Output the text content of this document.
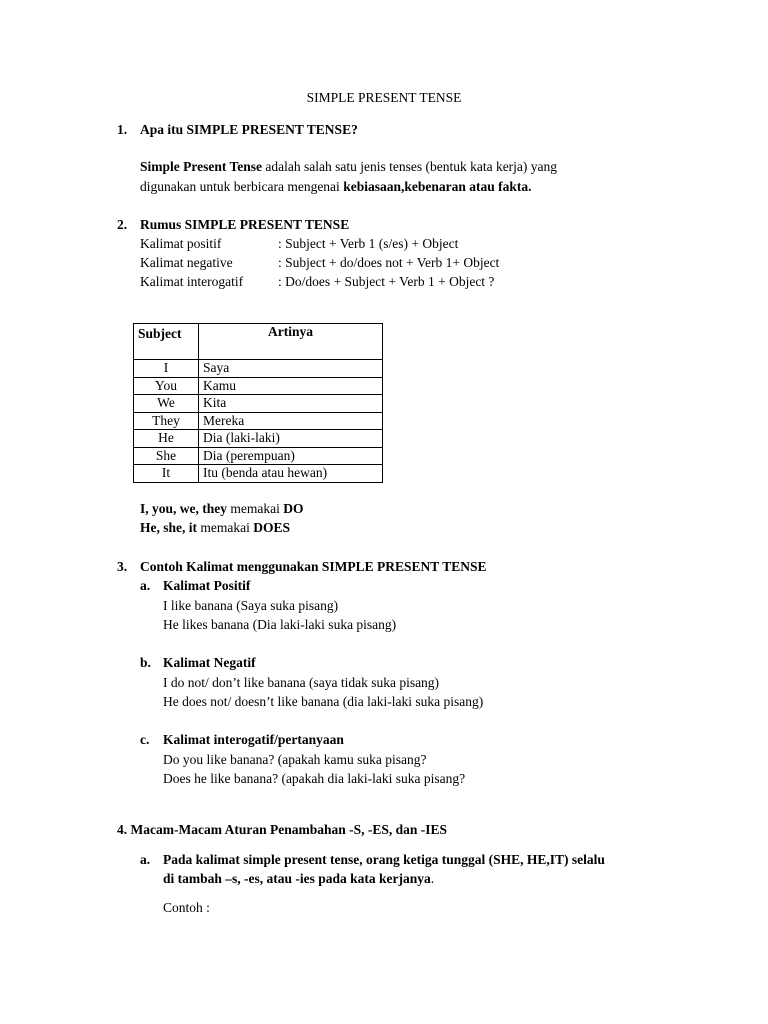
SIMPLE PRESENT TENSE
1. Apa itu SIMPLE PRESENT TENSE?
Simple Present Tense adalah salah satu jenis tenses (bentuk kata kerja) yang
digunakan untuk berbicara mengenai kebiasaan,kebenaran atau fakta.
2. Rumus SIMPLE PRESENT TENSE
Kalimat positif	: Subject + Verb 1 (s/es) + Object
Kalimat negative	: Subject + do/does not + Verb 1+ Object
Kalimat interogatif	: Do/does + Subject + Verb 1 + Object ?
Subject	Artinya
I	Saya
You	Kamu
We	Kita
They	Mereka
He	Dia (laki-laki)
She	Dia (perempuan)
It	Itu (benda atau hewan)
I, you, we, they memakai DO
He, she, it memakai DOES
3. Contoh Kalimat menggunakan SIMPLE PRESENT TENSE
a. Kalimat Positif
I like banana (Saya suka pisang)
He likes banana (Dia laki-laki suka pisang)
b. Kalimat Negatif
I do not/ don’t like banana (saya tidak suka pisang)
He does not/ doesn’t like banana (dia laki-laki suka pisang)
c. Kalimat interogatif/pertanyaan
Do you like banana? (apakah kamu suka pisang?
Does he like banana? (apakah dia laki-laki suka pisang?
4. Macam-Macam Aturan Penambahan -S, -ES, dan -IES
a. Pada kalimat simple present tense, orang ketiga tunggal (SHE, HE,IT) selalu
di tambah –s, -es, atau -ies pada kata kerjanya.
Contoh :
